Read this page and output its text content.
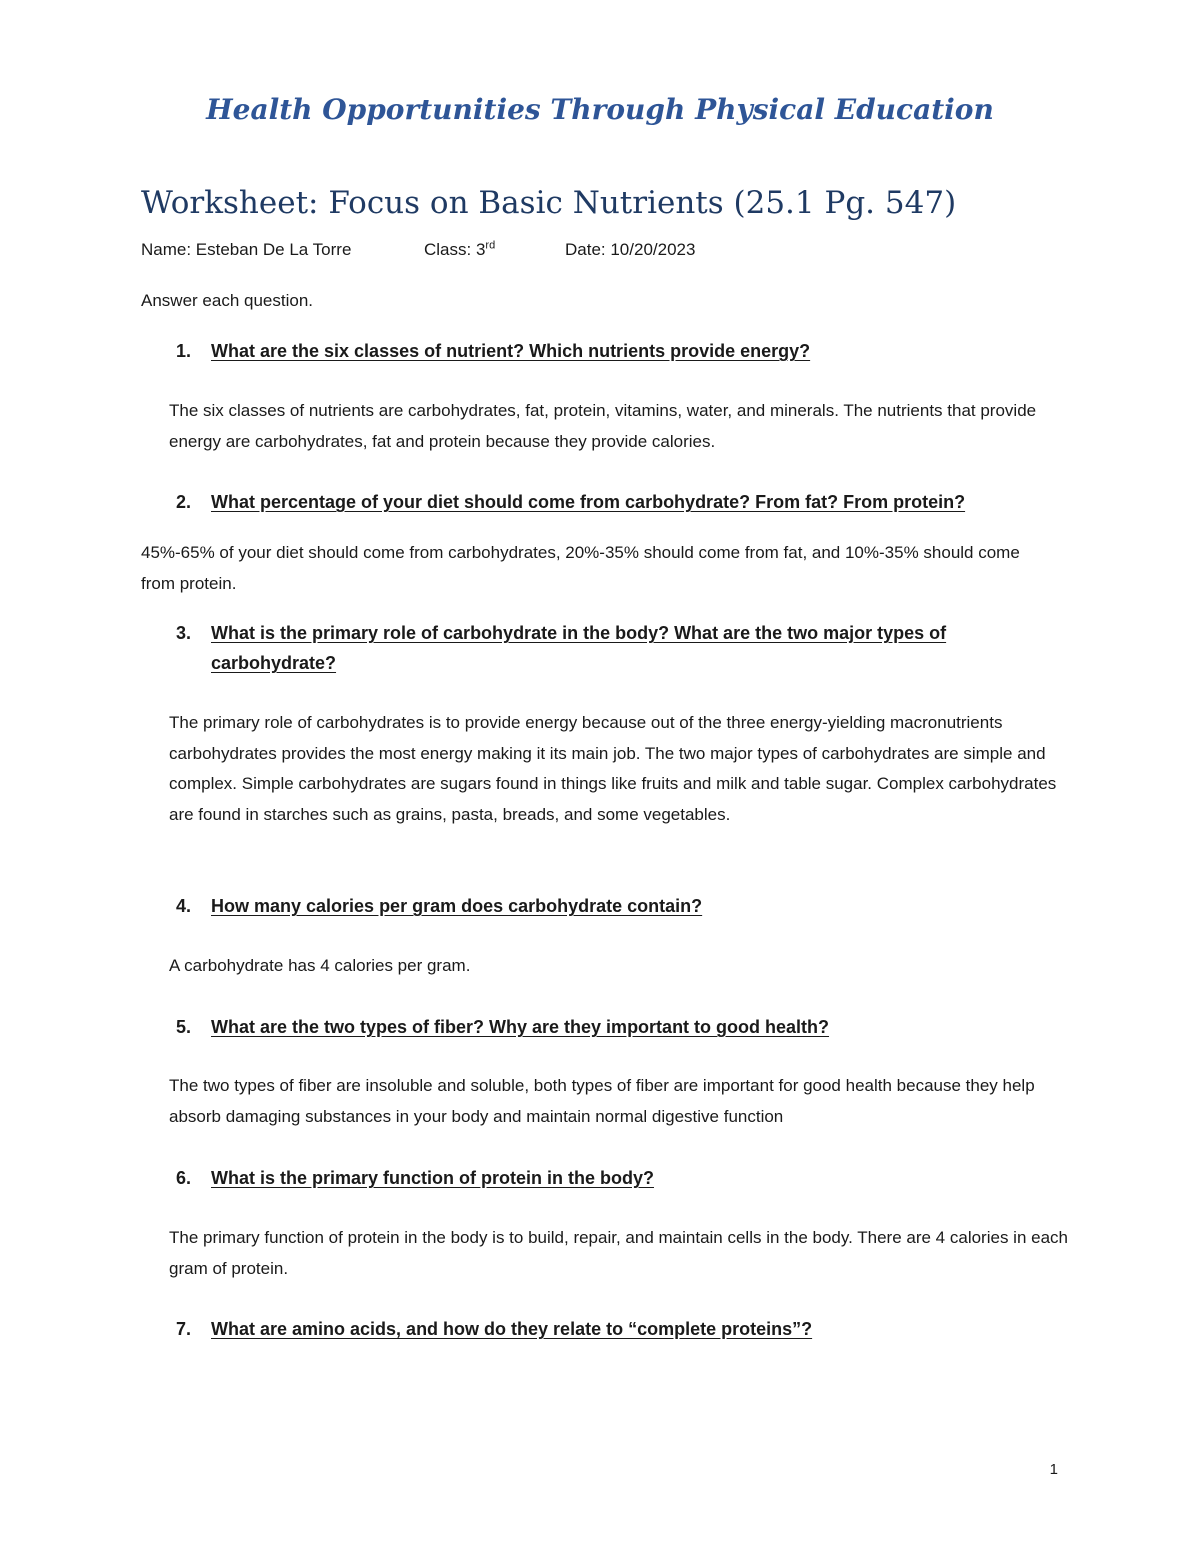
Health Opportunities Through Physical Education
Worksheet: Focus on Basic Nutrients (25.1 Pg. 547)
Name: Esteban De La Torre	Class: 3rd	Date: 10/20/2023
Answer each question.
1. What are the six classes of nutrient? Which nutrients provide energy?
The six classes of nutrients are carbohydrates, fat, protein, vitamins, water, and minerals. The nutrients that provide energy are carbohydrates, fat and protein because they provide calories.
2. What percentage of your diet should come from carbohydrate? From fat? From protein?
45%-65% of your diet should come from carbohydrates, 20%-35% should come from fat, and 10%-35% should come from protein.
3. What is the primary role of carbohydrate in the body? What are the two major types of carbohydrate?
The primary role of carbohydrates is to provide energy because out of the three energy-yielding macronutrients carbohydrates provides the most energy making it its main job. The two major types of carbohydrates are simple and complex. Simple carbohydrates are sugars found in things like fruits and milk and table sugar. Complex carbohydrates are found in starches such as grains, pasta, breads, and some vegetables.
4. How many calories per gram does carbohydrate contain?
A carbohydrate has 4 calories per gram.
5. What are the two types of fiber? Why are they important to good health?
The two types of fiber are insoluble and soluble, both types of fiber are important for good health because they help absorb damaging substances in your body and maintain normal digestive function
6. What is the primary function of protein in the body?
The primary function of protein in the body is to build, repair, and maintain cells in the body. There are 4 calories in each gram of protein.
7. What are amino acids, and how do they relate to “complete proteins”?
1
